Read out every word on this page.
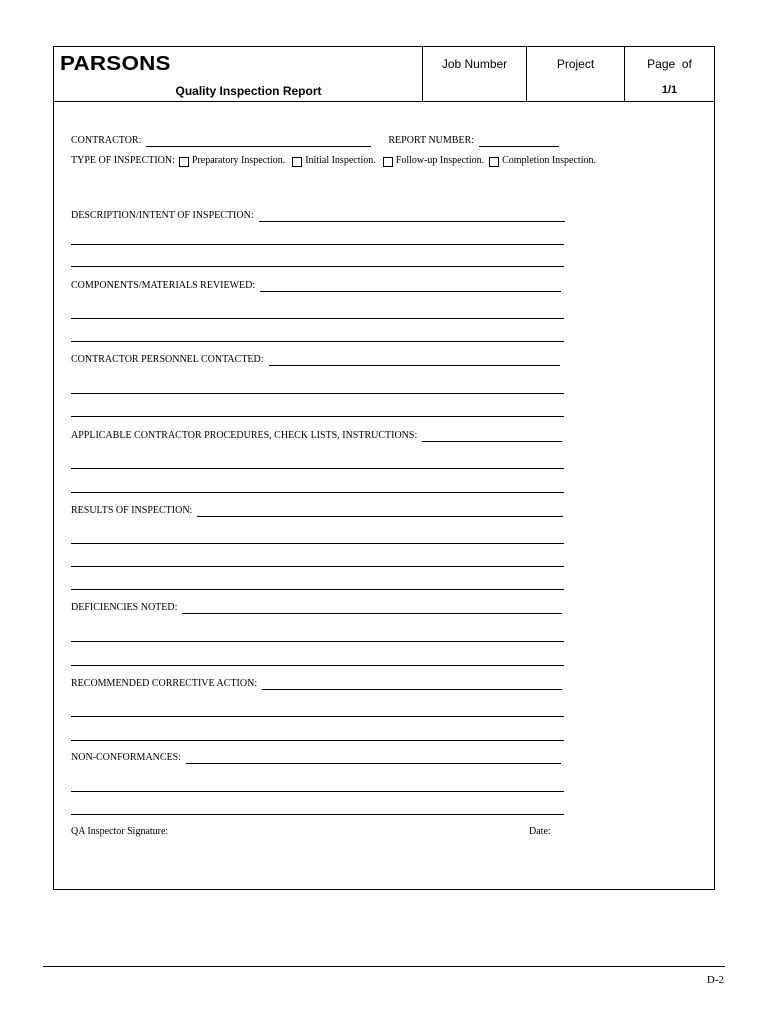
PARSONS
Quality Inspection Report
Job Number	Project	Page  of
1/1
CONTRACTOR:	REPORT NUMBER:
TYPE OF INSPECTION: Preparatory Inspection. Initial Inspection. Follow-up Inspection. Completion Inspection.
DESCRIPTION/INTENT OF INSPECTION:
COMPONENTS/MATERIALS REVIEWED:
CONTRACTOR PERSONNEL CONTACTED:
APPLICABLE CONTRACTOR PROCEDURES, CHECK LISTS, INSTRUCTIONS:
RESULTS OF INSPECTION:
DEFICIENCIES NOTED:
RECOMMENDED CORRECTIVE ACTION:
NON-CONFORMANCES:
QA Inspector Signature:	Date:
D-2
